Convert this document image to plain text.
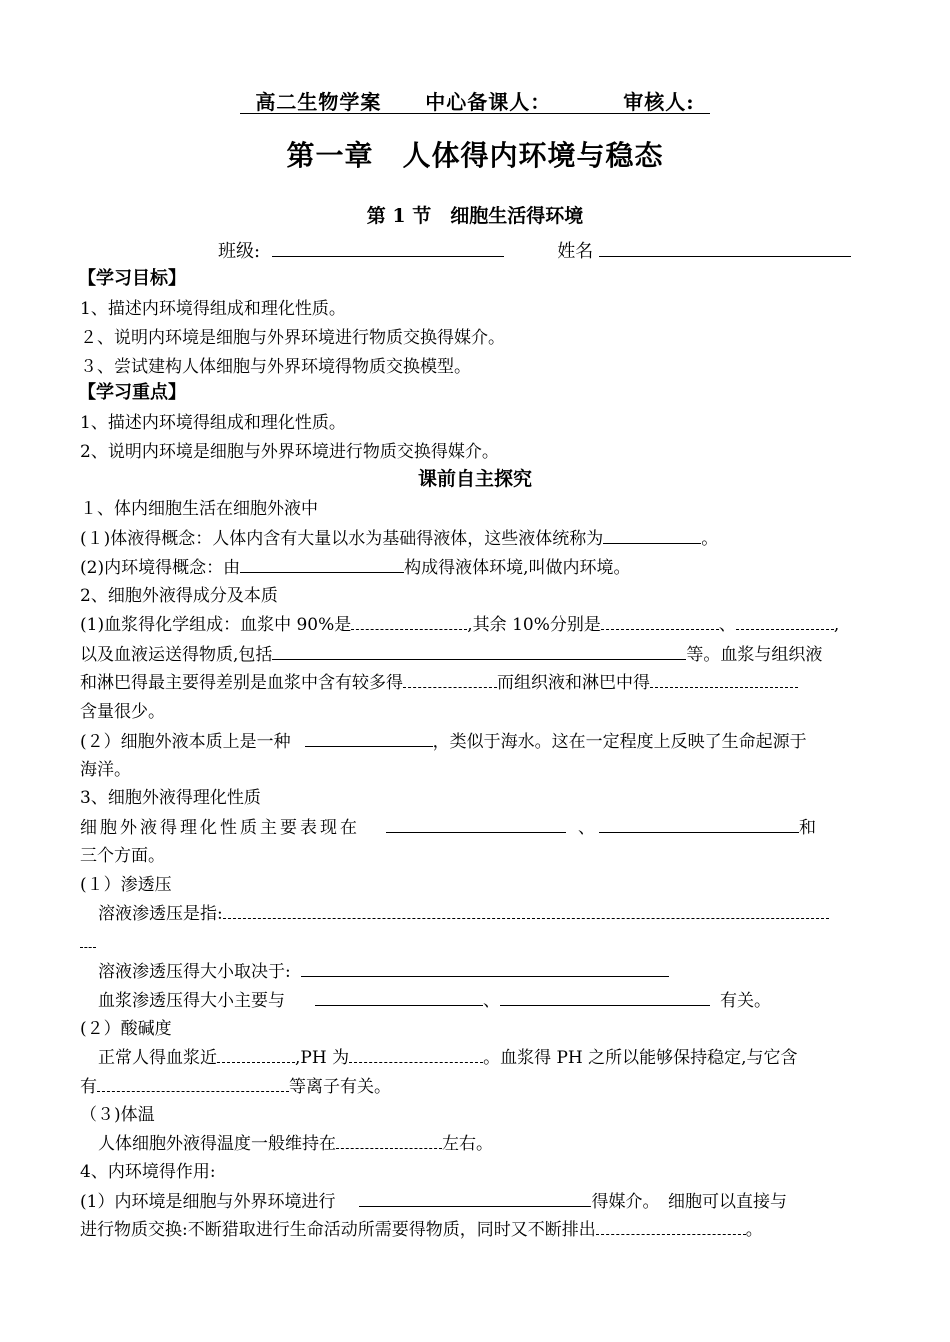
高二生物学案 中心备课人：	审核人:
第一章　人体得内环境与稳态
第 1 节　细胞生活得环境
班级:	姓名
【学习目标】
1、描述内环境得组成和理化性质。
２、说明内环境是细胞与外界环境进行物质交换得媒介。
３、尝试建构人体细胞与外界环境得物质交换模型。
【学习重点】
1、描述内环境得组成和理化性质。
2、说明内环境是细胞与外界环境进行物质交换得媒介。
课前自主探究
１、体内细胞生活在细胞外液中
(１)体液得概念：人体内含有大量以水为基础得液体，这些液体统称为	。
(2)内环境得概念：由	构成得液体环境,叫做内环境。
2、细胞外液得成分及本质
(1)血浆得化学组成：血浆中 90%是	,其余 10%分别是	、	,
以及血液运送得物质,包括	等。血浆与组织液
和淋巴得最主要得差别是血浆中含有较多得	而组织液和淋巴中得
含量很少。
(２）细胞外液本质上是一种	，类似于海水。这在一定程度上反映了生命起源于
海洋。
3、细胞外液得理化性质
细胞外液得理化性质主要表现在	、	和
三个方面。
(１）渗透压
溶液渗透压是指:
溶液渗透压得大小取决于:
血浆渗透压得大小主要与	、	有关。
(２）酸碱度
正常人得血浆近	,PH 为	。血浆得 PH 之所以能够保持稳定,与它含
有	等离子有关。
（３)体温
人体细胞外液得温度一般维持在	左右。
4、内环境得作用:
(1）内环境是细胞与外界环境进行	得媒介。　细胞可以直接与
进行物质交换:不断猎取进行生命活动所需要得物质，同时又不断排出	。
